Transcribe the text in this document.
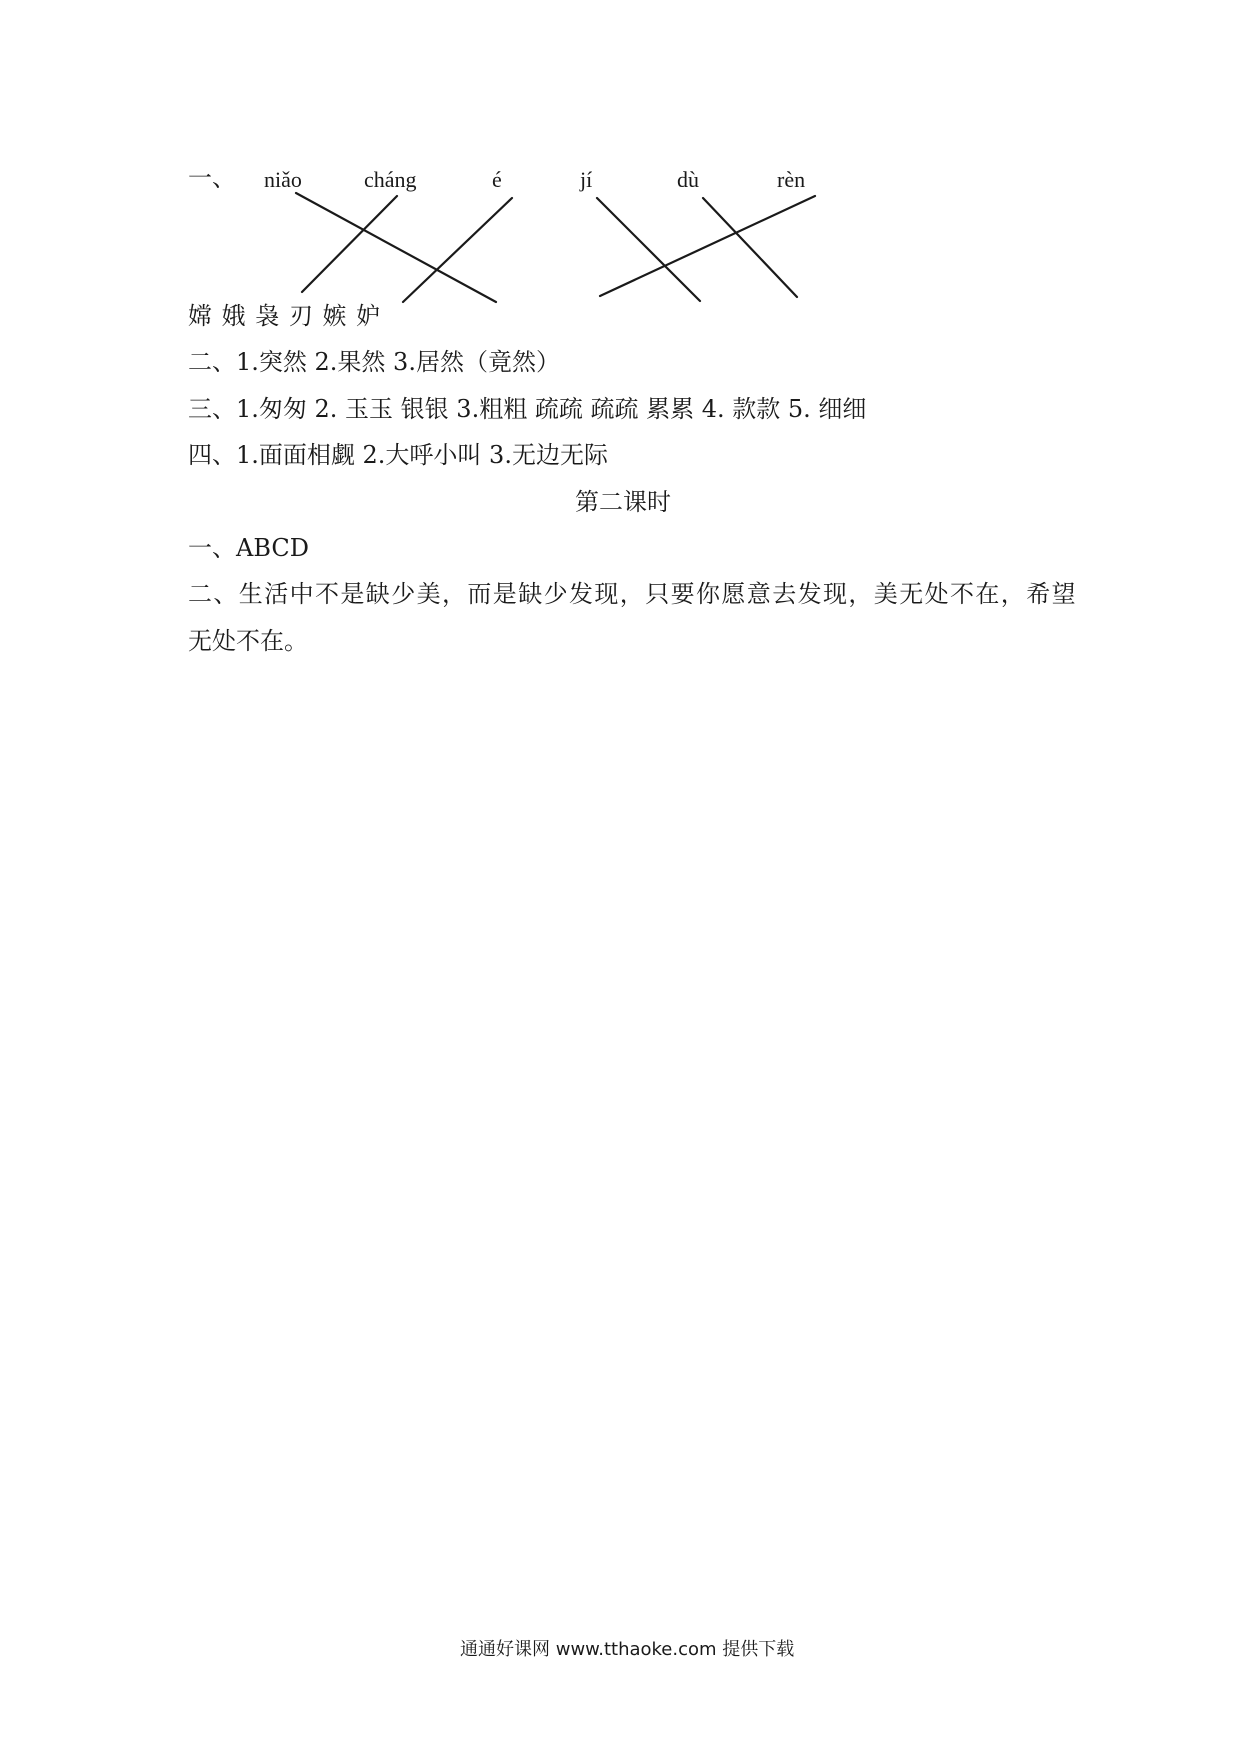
一、 niǎo	cháng	é	jí	dù	rèn
嫦 娥 袅 刃 嫉 妒
二、1.突然 2.果然 3.居然（竟然）
三、1.匆匆 2. 玉玉 银银 3.粗粗 疏疏 疏疏 累累 4. 款款 5. 细细
四、1.面面相觑 2.大呼小叫 3.无边无际
第二课时
一、ABCD
二、生活中不是缺少美，而是缺少发现，只要你愿意去发现，美无处不在，希望
无处不在。
通通好课网 www.tthaoke.com 提供下载
